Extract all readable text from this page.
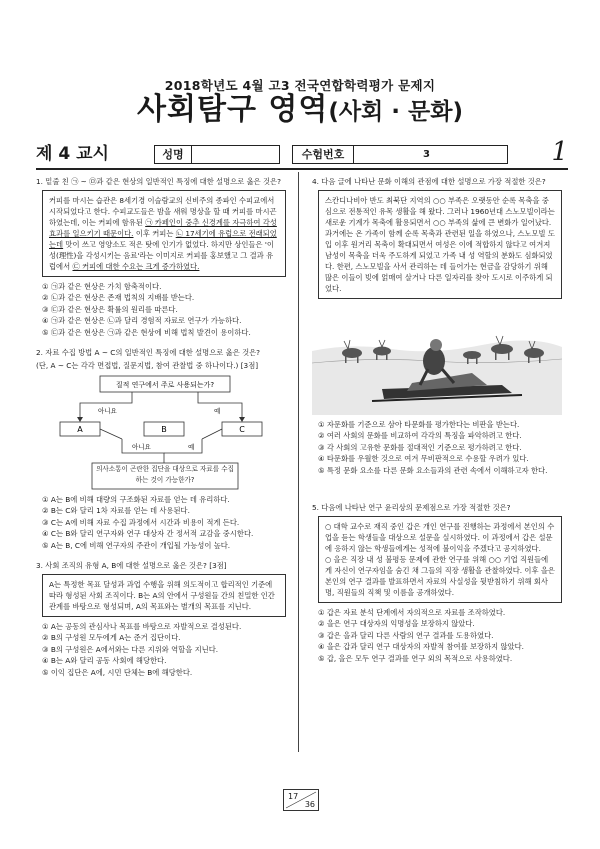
2018학년도 4월 고3 전국연합학력평가 문제지
사회탐구 영역(사회 · 문화)
제 4 교시	성명	수험번호	3	1
1. 밑줄 친 ㉠ ~ ㉤과 같은 현상의 일반적인 특징에 대한 설명으로 옳은 것은?
커피를 마시는 습관은 8세기경 이슬람교의 신비주의 종파인 수피교에서 시작되었다고 한다. 수피교도들은 밤을 새워 명상을 할 때 커피를 마시곤 하였는데, 이는 커피에 함유된 ㉠ 카페인이 중추 신경계를 자극하여 각성 효과를 일으키기 때문이다. 이후 커피는 ㉡ 17세기에 유럽으로 전래되었는데 맛이 쓰고 영양소도 적은 탓에 인기가 없었다. 하지만 상인들은 '이성(理性)을 각성시키는 음료'라는 이미지로 커피를 홍보했고 그 결과 유럽에서 ㉢ 커피에 대한 수요는 크게 증가하였다.
① ㉠과 같은 현상은 가치 함축적이다.
② ㉡과 같은 현상은 존재 법칙의 지배를 받는다.
③ ㉢과 같은 현상은 확률의 원리를 따른다.
④ ㉠과 같은 현상은 ㉡과 달리 경험적 자료로 연구가 가능하다.
⑤ ㉢과 같은 현상은 ㉠과 같은 현상에 비해 법칙 발견이 용이하다.
2. 자료 수집 방법 A ~ C의 일반적인 특징에 대한 설명으로 옳은 것은?
(단, A ~ C는 각각 면접법, 질문지법, 참여 관찰법 중 하나이다.) [3점]
질적 연구에서 주로 사용되는가?
아니요	예
A	B	C
아니요	예
의사소통이 곤란한 집단을 대상으로 자료를 수집하는 것이 가능한가?
① A는 B에 비해 대량의 구조화된 자료를 얻는 데 유리하다.
② B는 C와 달리 1차 자료를 얻는 데 사용된다.
③ C는 A에 비해 자료 수집 과정에서 시간과 비용이 적게 든다.
④ C는 B와 달리 연구자와 연구 대상자 간 정서적 교감을 중시한다.
⑤ A는 B, C에 비해 연구자의 주관이 개입될 가능성이 높다.
3. 사회 조직의 유형 A, B에 대한 설명으로 옳은 것은? [3점]
A는 특정한 목표 달성과 과업 수행을 위해 의도적이고 합리적인 기준에 따라 형성된 사회 조직이다. B는 A의 안에서 구성원들 간의 친밀한 인간관계를 바탕으로 형성되며, A의 목표와는 별개의 목표를 지닌다.
① A는 공동의 관심사나 목표를 바탕으로 자발적으로 결성된다.
② B의 구성원 모두에게 A는 준거 집단이다.
③ B의 구성원은 A에서와는 다른 지위와 역할을 지닌다.
④ B는 A와 달리 공동 사회에 해당한다.
⑤ 이익 집단은 A에, 시민 단체는 B에 해당한다.
4. 다음 글에 나타난 문화 이해의 관점에 대한 설명으로 가장 적절한 것은?
스칸디나비아 반도 최북단 지역의 ○○ 부족은 오랫동안 순록 목축을 중심으로 전통적인 유목 생활을 해 왔다. 그러나 1960년대 스노모빌이라는 새로운 기계가 목축에 활용되면서 ○○ 부족의 삶에 큰 변화가 일어났다. 과거에는 온 가족이 함께 순록 목축과 관련된 일을 하였으나, 스노모빌 도입 이후 원거리 목축이 확대되면서 여성은 이에 적합하지 않다고 여겨져 남성이 목축을 더욱 주도하게 되었고 가족 내 성 역할의 분화도 심화되었다. 한편, 스노모빌을 사서 관리하는 데 들어가는 현금을 감당하기 위해 많은 이들이 빚에 얽매여 살거나 다른 일자리를 찾아 도시로 이주하게 되었다.
① 자문화를 기준으로 삼아 타문화를 평가한다는 비판을 받는다.
② 여러 사회의 문화를 비교하여 각각의 특징을 파악하려고 한다.
③ 각 사회의 고유한 문화를 절대적인 기준으로 평가하려고 한다.
④ 타문화를 우월한 것으로 여겨 무비판적으로 수용할 우려가 있다.
⑤ 특정 문화 요소를 다른 문화 요소들과의 관련 속에서 이해하고자 한다.
5. 다음에 나타난 연구 윤리상의 문제점으로 가장 적절한 것은?
○ 대학 교수로 재직 중인 갑은 개인 연구를 진행하는 과정에서 본인의 수업을 듣는 학생들을 대상으로 설문을 실시하였다. 이 과정에서 갑은 설문에 응하지 않는 학생들에게는 성적에 불이익을 주겠다고 공지하였다.
○ 을은 직장 내 성 불평등 문제에 관한 연구를 위해 ○○ 기업 직원들에게 자신이 연구자임을 숨긴 채 그들의 직장 생활을 관찰하였다. 이후 을은 본인의 연구 결과를 발표하면서 자료의 사실성을 뒷받침하기 위해 회사명, 직원들의 직책 및 이름을 공개하였다.
① 갑은 자료 분석 단계에서 자의적으로 자료를 조작하였다.
② 을은 연구 대상자의 익명성을 보장하지 않았다.
③ 갑은 을과 달리 다른 사람의 연구 결과를 도용하였다.
④ 을은 갑과 달리 연구 대상자의 자발적 참여를 보장하지 않았다.
⑤ 갑, 을은 모두 연구 결과를 연구 외의 목적으로 사용하였다.
17
36
